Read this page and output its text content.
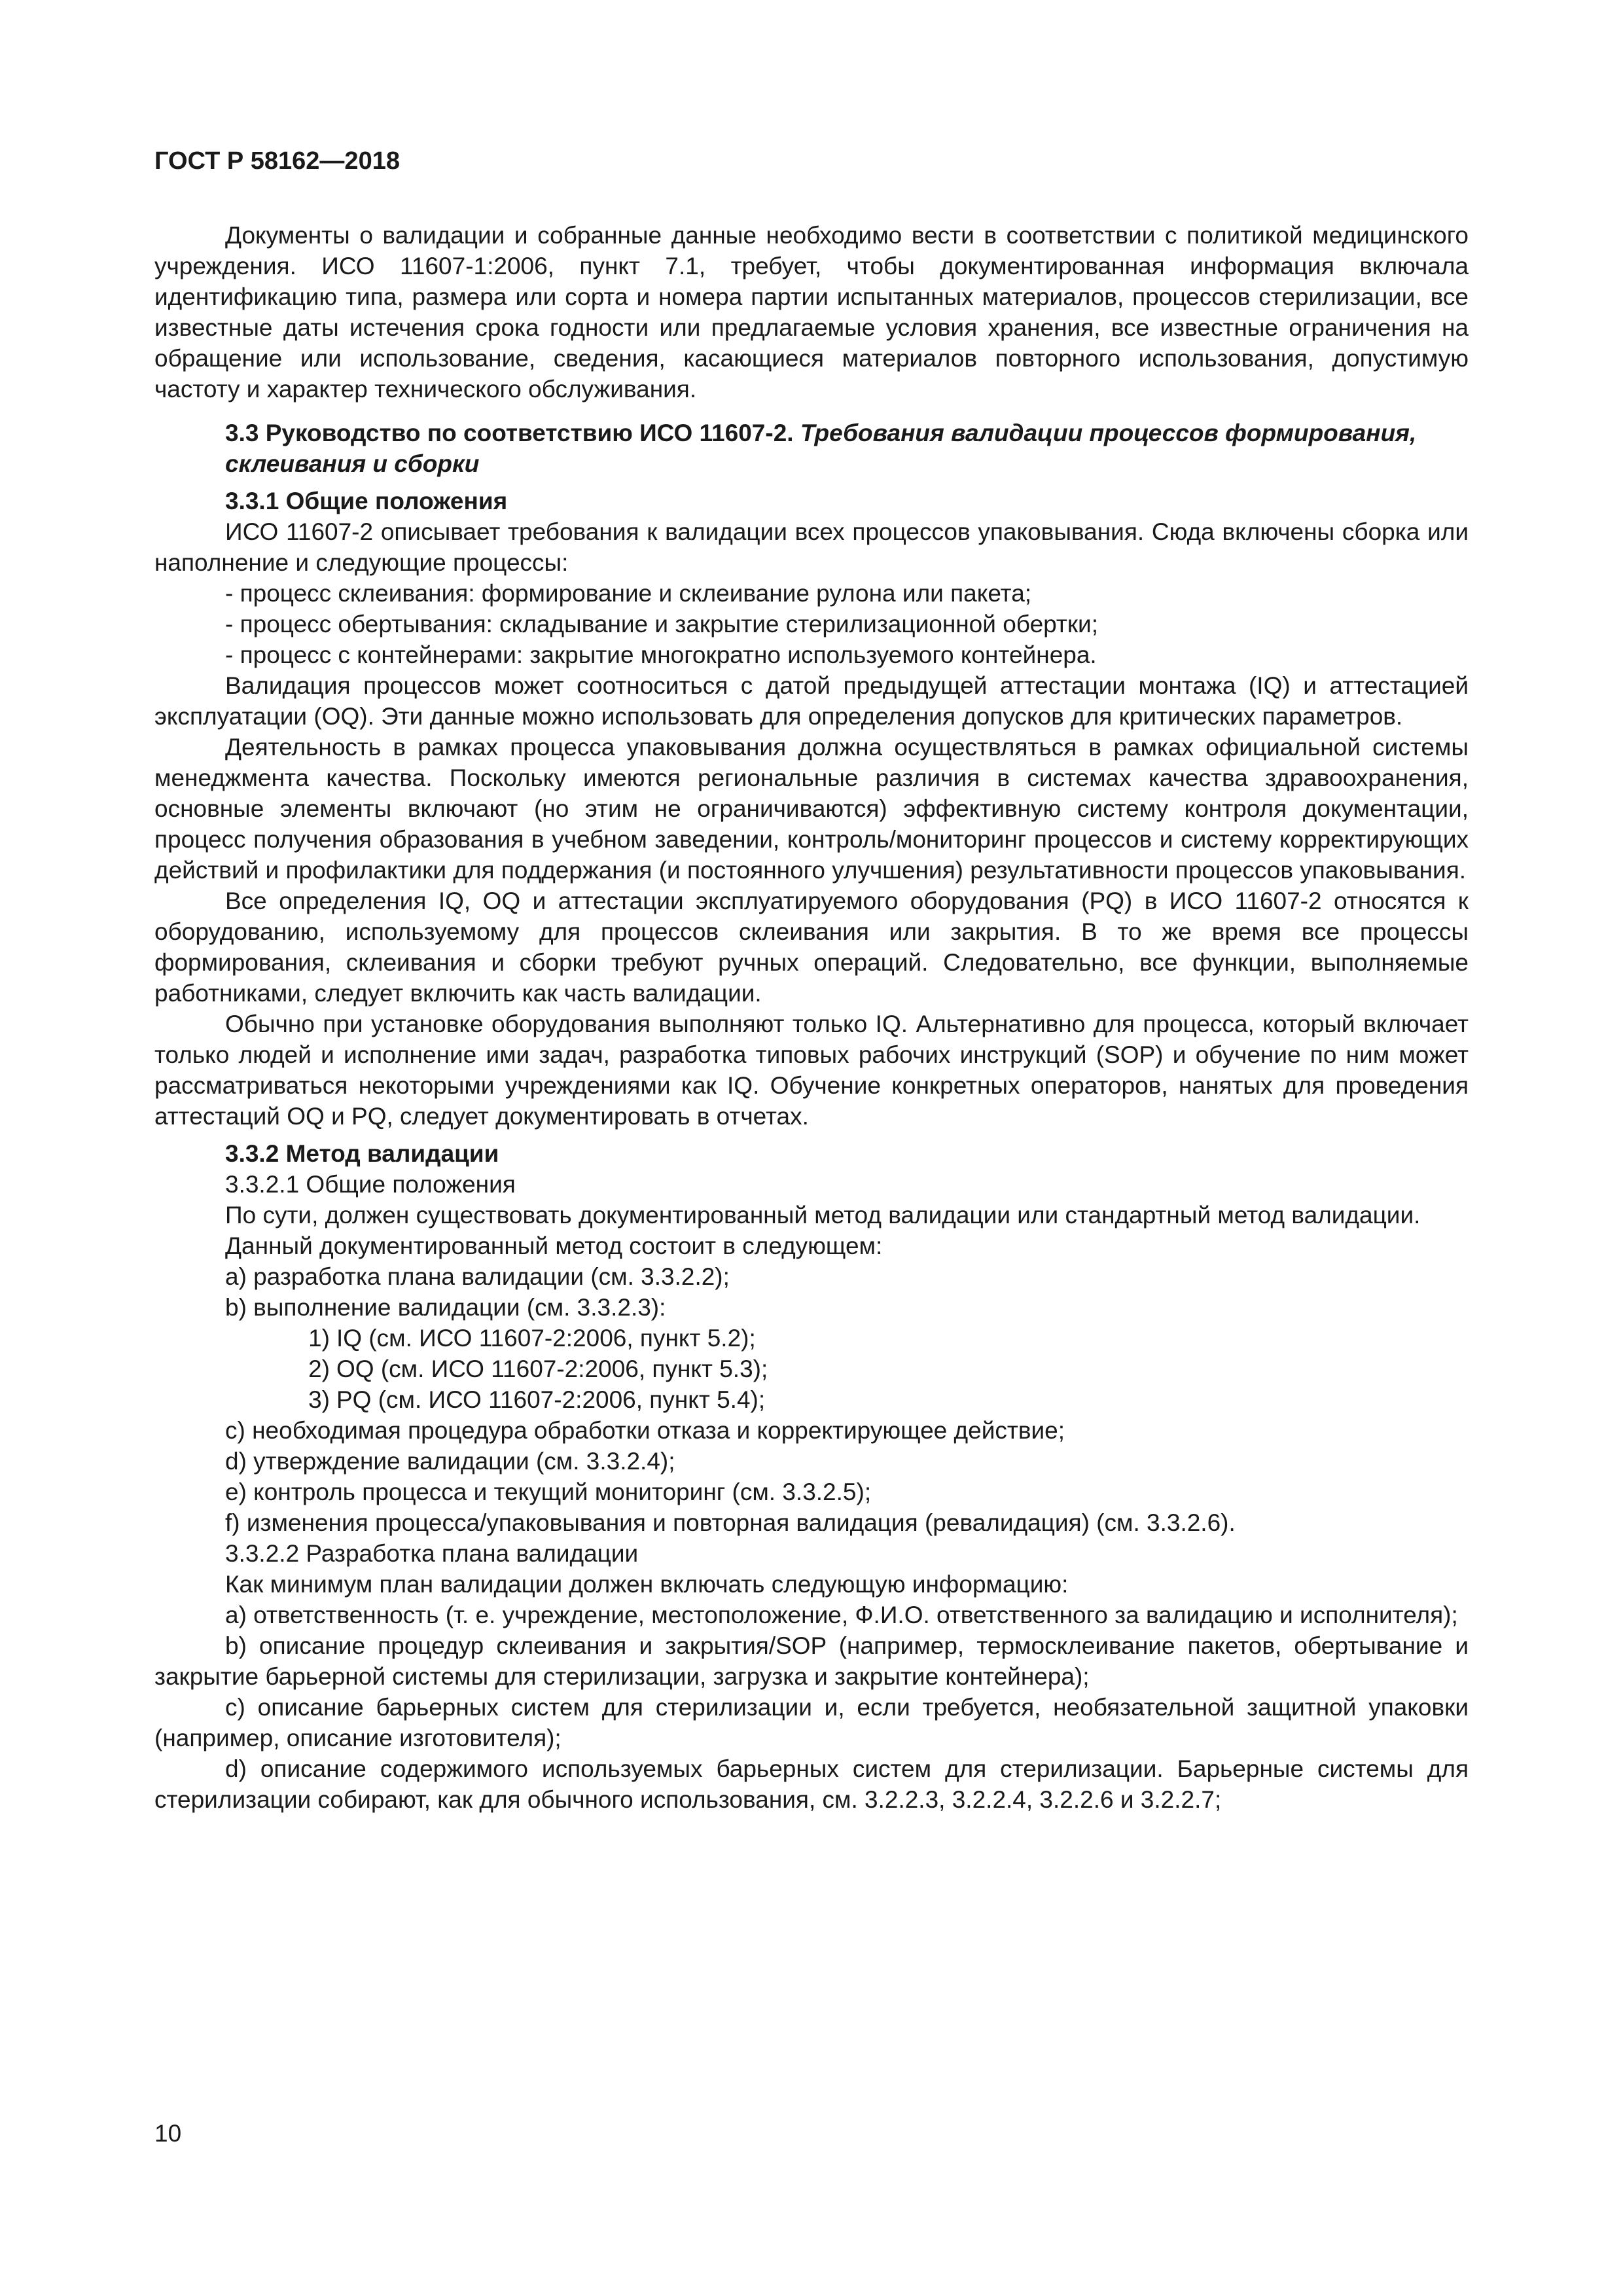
ГОСТ Р 58162—2018

Документы о валидации и собранные данные необходимо вести в соответствии с политикой медицинского учреждения. ИСО 11607-1:2006, пункт 7.1, требует, чтобы документированная информация включала идентификацию типа, размера или сорта и номера партии испытанных материалов, процессов стерилизации, все известные даты истечения срока годности или предлагаемые условия хранения, все известные ограничения на обращение или использование, сведения, касающиеся материалов повторного использования, допустимую частоту и характер технического обслуживания.

3.3 Руководство по соответствию ИСО 11607-2. Требования валидации процессов формирования, склеивания и сборки

3.3.1 Общие положения

ИСО 11607-2 описывает требования к валидации всех процессов упаковывания. Сюда включены сборка или наполнение и следующие процессы:

- процесс склеивания: формирование и склеивание рулона или пакета;

- процесс обертывания: складывание и закрытие стерилизационной обертки;

- процесс с контейнерами: закрытие многократно используемого контейнера.

Валидация процессов может соотноситься с датой предыдущей аттестации монтажа (IQ) и аттестацией эксплуатации (OQ). Эти данные можно использовать для определения допусков для критических параметров.

Деятельность в рамках процесса упаковывания должна осуществляться в рамках официальной системы менеджмента качества. Поскольку имеются региональные различия в системах качества здравоохранения, основные элементы включают (но этим не ограничиваются) эффективную систему контроля документации, процесс получения образования в учебном заведении, контроль/мониторинг процессов и систему корректирующих действий и профилактики для поддержания (и постоянного улучшения) результативности процессов упаковывания.

Все определения IQ, OQ и аттестации эксплуатируемого оборудования (PQ) в ИСО 11607-2 относятся к оборудованию, используемому для процессов склеивания или закрытия. В то же время все процессы формирования, склеивания и сборки требуют ручных операций. Следовательно, все функции, выполняемые работниками, следует включить как часть валидации.

Обычно при установке оборудования выполняют только IQ. Альтернативно для процесса, который включает только людей и исполнение ими задач, разработка типовых рабочих инструкций (SOP) и обучение по ним может рассматриваться некоторыми учреждениями как IQ. Обучение конкретных операторов, нанятых для проведения аттестаций OQ и PQ, следует документировать в отчетах.

3.3.2 Метод валидации

3.3.2.1 Общие положения

По сути, должен существовать документированный метод валидации или стандартный метод валидации.

Данный документированный метод состоит в следующем:

a) разработка плана валидации (см. 3.3.2.2);

b) выполнение валидации (см. 3.3.2.3):

1) IQ (см. ИСО 11607-2:2006, пункт 5.2);

2) OQ (см. ИСО 11607-2:2006, пункт 5.3);

3) PQ (см. ИСО 11607-2:2006, пункт 5.4);

c) необходимая процедура обработки отказа и корректирующее действие;

d) утверждение валидации (см. 3.3.2.4);

e) контроль процесса и текущий мониторинг (см. 3.3.2.5);

f) изменения процесса/упаковывания и повторная валидация (ревалидация) (см. 3.3.2.6).

3.3.2.2 Разработка плана валидации

Как минимум план валидации должен включать следующую информацию:

a) ответственность (т. е. учреждение, местоположение, Ф.И.О. ответственного за валидацию и исполнителя);

b) описание процедур склеивания и закрытия/SOP (например, термосклеивание пакетов, обертывание и закрытие барьерной системы для стерилизации, загрузка и закрытие контейнера);

c) описание барьерных систем для стерилизации и, если требуется, необязательной защитной упаковки (например, описание изготовителя);

d) описание содержимого используемых барьерных систем для стерилизации. Барьерные системы для стерилизации собирают, как для обычного использования, см. 3.2.2.3, 3.2.2.4, 3.2.2.6 и 3.2.2.7;

10
